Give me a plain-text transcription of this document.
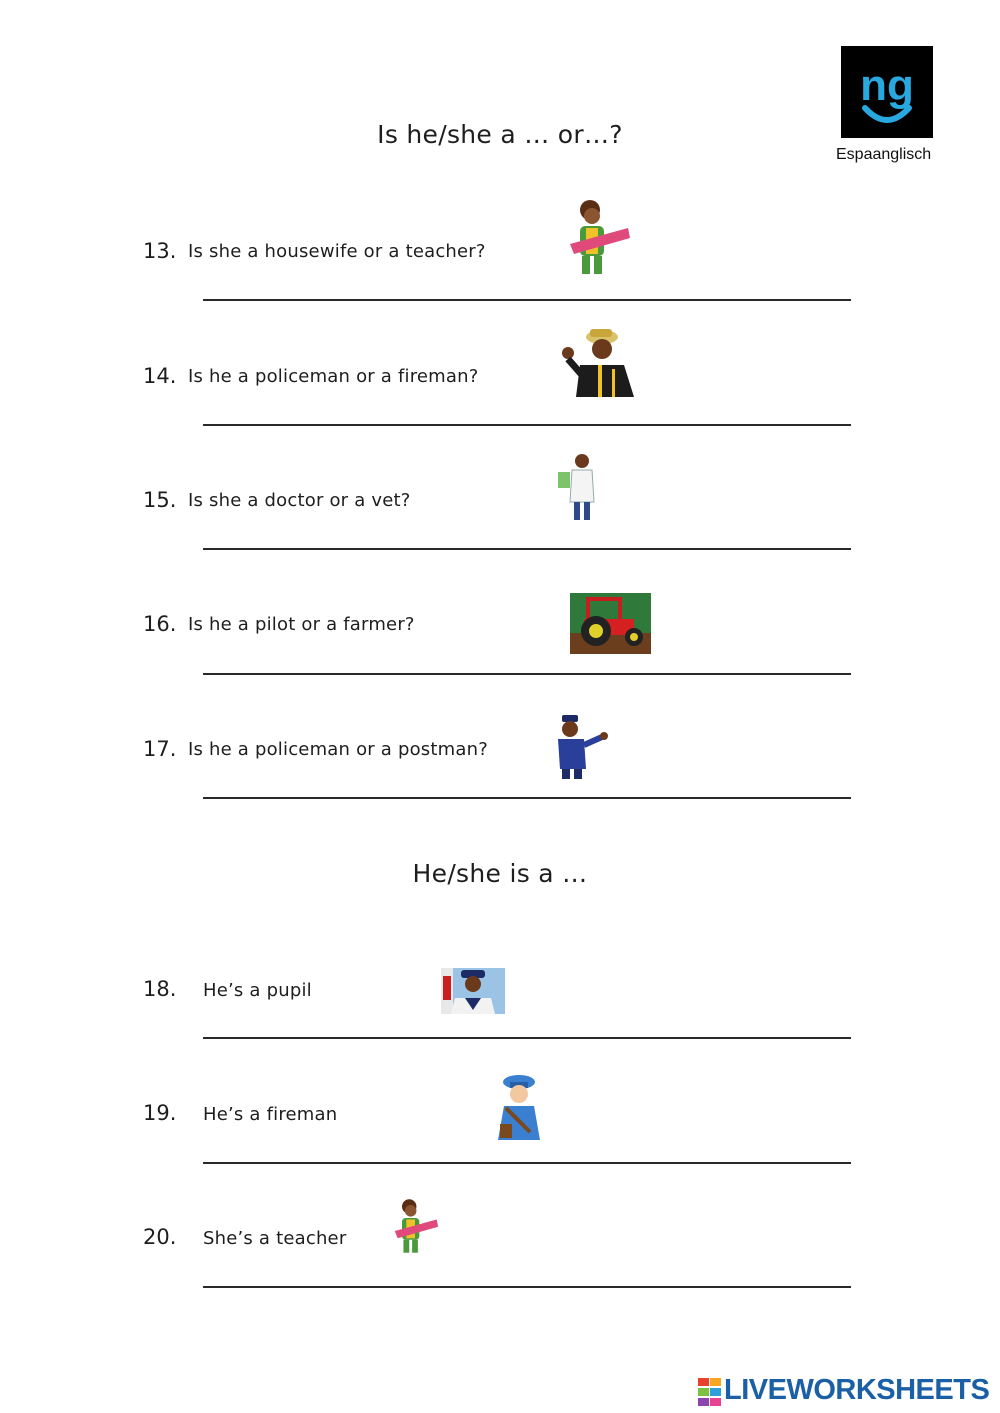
ng
Espaanglisch
Is he/she a … or…?
13. Is she a housewife or a teacher?
14. Is he a policeman or a fireman?
15. Is she a doctor or a vet?
16. Is he a pilot or a farmer?
17. Is he a policeman or a postman?
He/she is a …
18. He’s a pupil
19. He’s a fireman
20. She’s a teacher
LIVEWORKSHEETS
